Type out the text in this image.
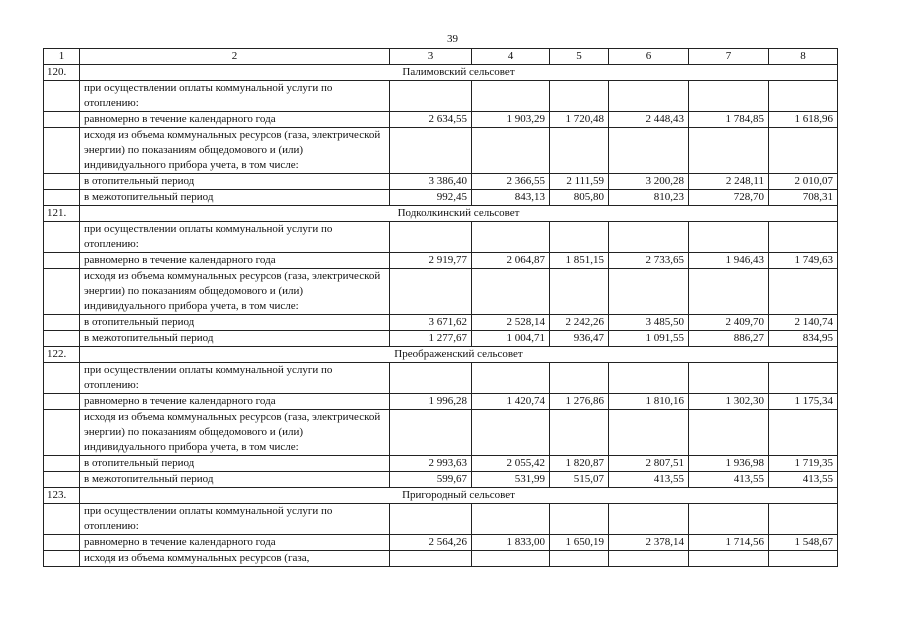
39
1	2	3	4	5	6	7	8
120.	Палимовский сельсовет						
	при осуществлении оплаты коммунальной услуги по отоплению:						
	равномерно в течение календарного года	2 634,55	1 903,29	1 720,48	2 448,43	1 784,85	1 618,96
	исходя из объема коммунальных ресурсов (газа, электрической энергии) по показаниям общедомового и (или) индивидуального прибора учета, в том числе:						
	в отопительный период	3 386,40	2 366,55	2 111,59	3 200,28	2 248,11	2 010,07
	в межотопительный период	992,45	843,13	805,80	810,23	728,70	708,31
121.	Подколкинский сельсовет						
	при осуществлении оплаты коммунальной услуги по отоплению:						
	равномерно в течение календарного года	2 919,77	2 064,87	1 851,15	2 733,65	1 946,43	1 749,63
	исходя из объема коммунальных ресурсов (газа, электрической энергии) по показаниям общедомового и (или) индивидуального прибора учета, в том числе:						
	в отопительный период	3 671,62	2 528,14	2 242,26	3 485,50	2 409,70	2 140,74
	в межотопительный период	1 277,67	1 004,71	936,47	1 091,55	886,27	834,95
122.	Преображенский сельсовет						
	при осуществлении оплаты коммунальной услуги по отоплению:						
	равномерно в течение календарного года	1 996,28	1 420,74	1 276,86	1 810,16	1 302,30	1 175,34
	исходя из объема коммунальных ресурсов (газа, электрической энергии) по показаниям общедомового и (или) индивидуального прибора учета, в том числе:						
	в отопительный период	2 993,63	2 055,42	1 820,87	2 807,51	1 936,98	1 719,35
	в межотопительный период	599,67	531,99	515,07	413,55	413,55	413,55
123.	Пригородный сельсовет						
	при осуществлении оплаты коммунальной услуги по отоплению:						
	равномерно в течение календарного года	2 564,26	1 833,00	1 650,19	2 378,14	1 714,56	1 548,67
	исходя из объема коммунальных ресурсов (газа,						
